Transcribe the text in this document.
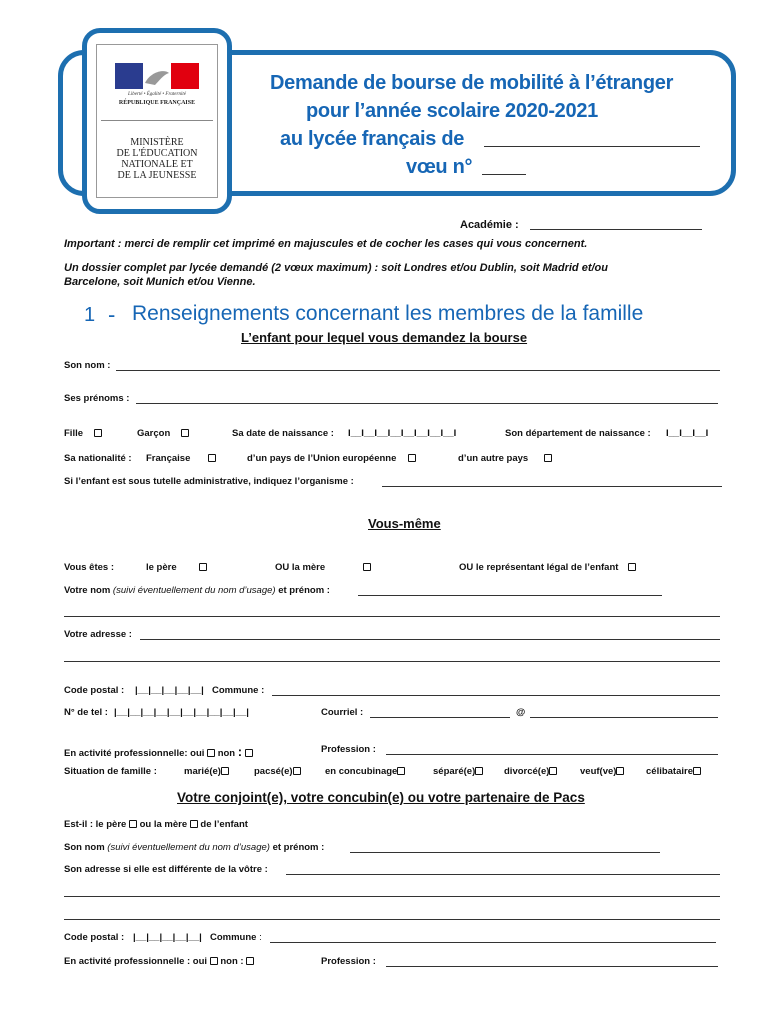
Liberté • Égalité • Fraternité
RÉPUBLIQUE FRANÇAISE
MINISTÈRE
DE L'ÉDUCATION
NATIONALE ET
DE LA JEUNESSE
Demande de bourse de mobilité à l’étranger
pour l’année scolaire 2020-2021
au lycée français de
vœu n°
Académie :
Important : merci de remplir cet imprimé en majuscules et de cocher les cases qui vous concernent.
Un dossier complet par lycée demandé (2 vœux maximum) : soit Londres et/ou Dublin, soit Madrid et/ou
Barcelone, soit Munich et/ou Vienne.
1 - Renseignements concernant les membres de la famille
L’enfant pour lequel vous demandez la bourse
Son nom :
Ses prénoms :
Fille	Garçon	Sa date de naissance : I__I__I__I__I__I__I__I__I	Son département de naissance : I__I__I__I
Sa nationalité : Française	d’un pays de l’Union européenne	d’un autre pays
Si l’enfant est sous tutelle administrative, indiquez l’organisme :
Vous-même
Vous êtes :	le père	OU la mère	OU le représentant légal de l’enfant
Votre nom (suivi éventuellement du nom d’usage) et prénom :
Votre adresse :
Code postal : |__|__|__|__|__| Commune :
N° de tel : |__|__|__|__|__|__|__|__|__|__|	Courriel :	@
En activité professionnelle: oui non :	Profession :
Situation de famille :	marié(e)	pacsé(e)	en concubinage	séparé(e)	divorcé(e)	veuf(ve)	célibataire
Votre conjoint(e), votre concubin(e) ou votre partenaire de Pacs
Est-il : le père ou la mère de l’enfant
Son nom (suivi éventuellement du nom d’usage) et prénom :
Son adresse si elle est différente de la vôtre :
Code postal : |__|__|__|__|__| Commune :
En activité professionnelle : oui non :	Profession :
